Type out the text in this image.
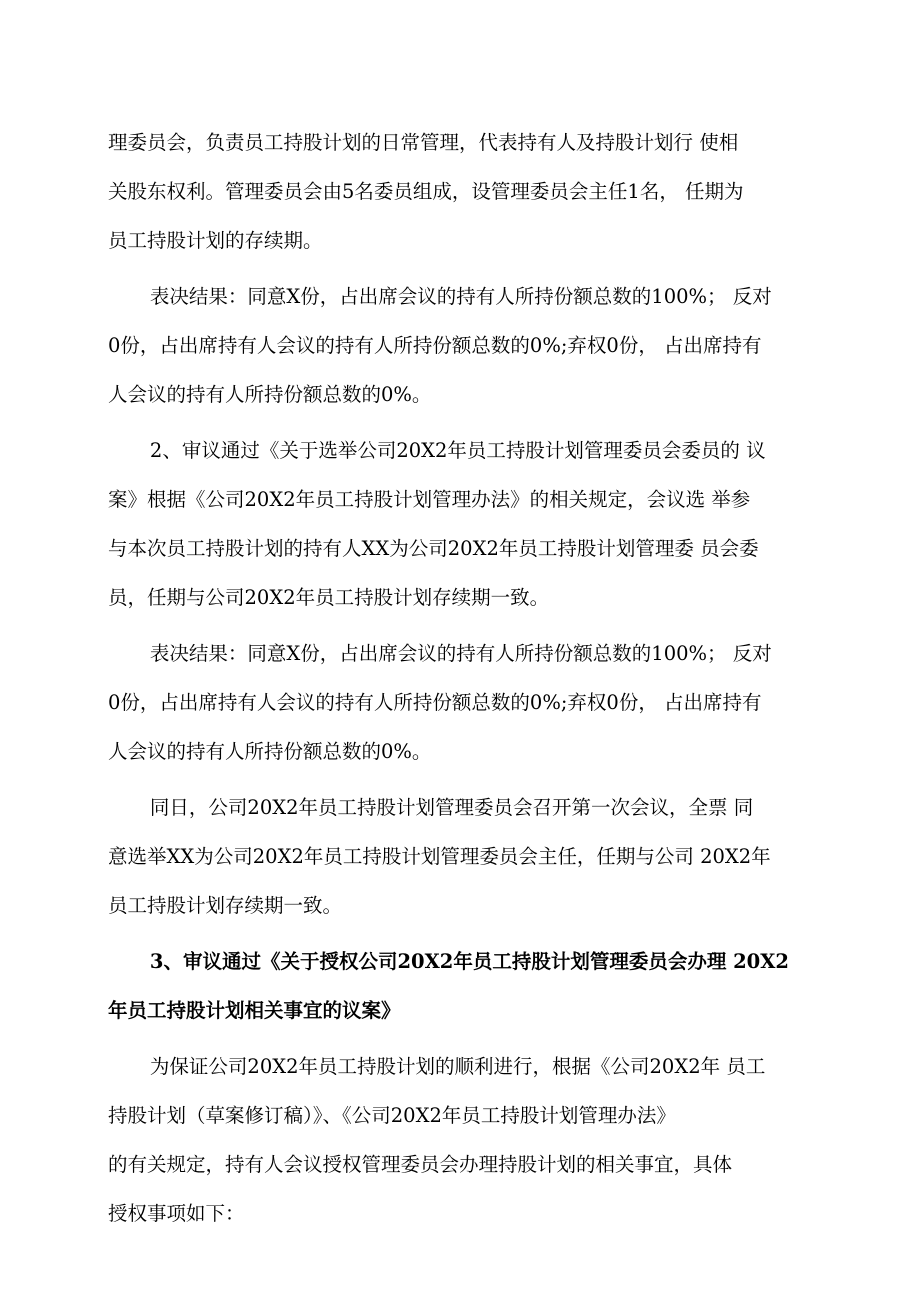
理委员会，负责员工持股计划的日常管理，代表持有人及持股计划行 使相
关股东权利。管理委员会由5名委员组成，设管理委员会主任1名， 任期为
员工持股计划的存续期。

表决结果：同意X份，占出席会议的持有人所持份额总数的100%； 反对
0份，占出席持有人会议的持有人所持份额总数的0%;弃权0份， 占出席持有
人会议的持有人所持份额总数的0%。

2、审议通过《关于选举公司20X2年员工持股计划管理委员会委员的 议
案》根据《公司20X2年员工持股计划管理办法》的相关规定，会议选 举参
与本次员工持股计划的持有人XX为公司20X2年员工持股计划管理委 员会委
员，任期与公司20X2年员工持股计划存续期一致。

表决结果：同意X份，占出席会议的持有人所持份额总数的100%； 反对
0份，占出席持有人会议的持有人所持份额总数的0%;弃权0份， 占出席持有
人会议的持有人所持份额总数的0%。

同日，公司20X2年员工持股计划管理委员会召开第一次会议，全票 同
意选举XX为公司20X2年员工持股计划管理委员会主任，任期与公司 20X2年
员工持股计划存续期一致。

3、审议通过《关于授权公司20X2年员工持股计划管理委员会办理 20X2
年员工持股计划相关事宜的议案》

为保证公司20X2年员工持股计划的顺利进行，根据《公司20X2年 员工
持股计划（草案修订稿）》、《公司20X2年员工持股计划管理办法》

的有关规定，持有人会议授权管理委员会办理持股计划的相关事宜，具体
授权事项如下：
